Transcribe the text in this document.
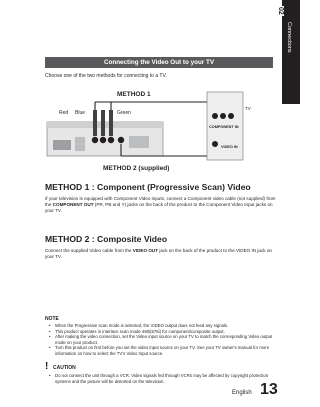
02
Connections
Connecting the Video Out to your TV
Choose one of the two methods for connecting to a TV.
METHOD 1
Red Blue	Green
METHOD 2 (supplied)
TV
COMPONENT IN
VIDEO IN
METHOD 1 : Component (Progressive Scan) Video
If your television is equipped with Component Video inputs, connect a Component video cable (not supplied) from the COMPONENT OUT (PR, PB and Y) jacks on the back of the product to the Component Video Input jacks on your TV.
METHOD 2 : Composite Video
Connect the supplied Video cable from the VIDEO OUT jack on the back of the product to the VIDEO IN jack on your TV.
NOTE
• When the Progressive scan mode is selected, the VIDEO output does not feed any signals.
• This product operates in interlace scan mode 480i(576i) for component/composite output.
• After making the video connection, set the Video input source on your TV to match the corresponding Video output mode on your product.
• Turn this product on first before you set the video input source on your TV. See your TV owner's manual for more information on how to select the TV's Video Input source.
! CAUTION
• Do not connect the unit through a VCR. Video signals fed through VCRs may be affected by copyright protection systems and the picture will be distorted on the television.
English 13
